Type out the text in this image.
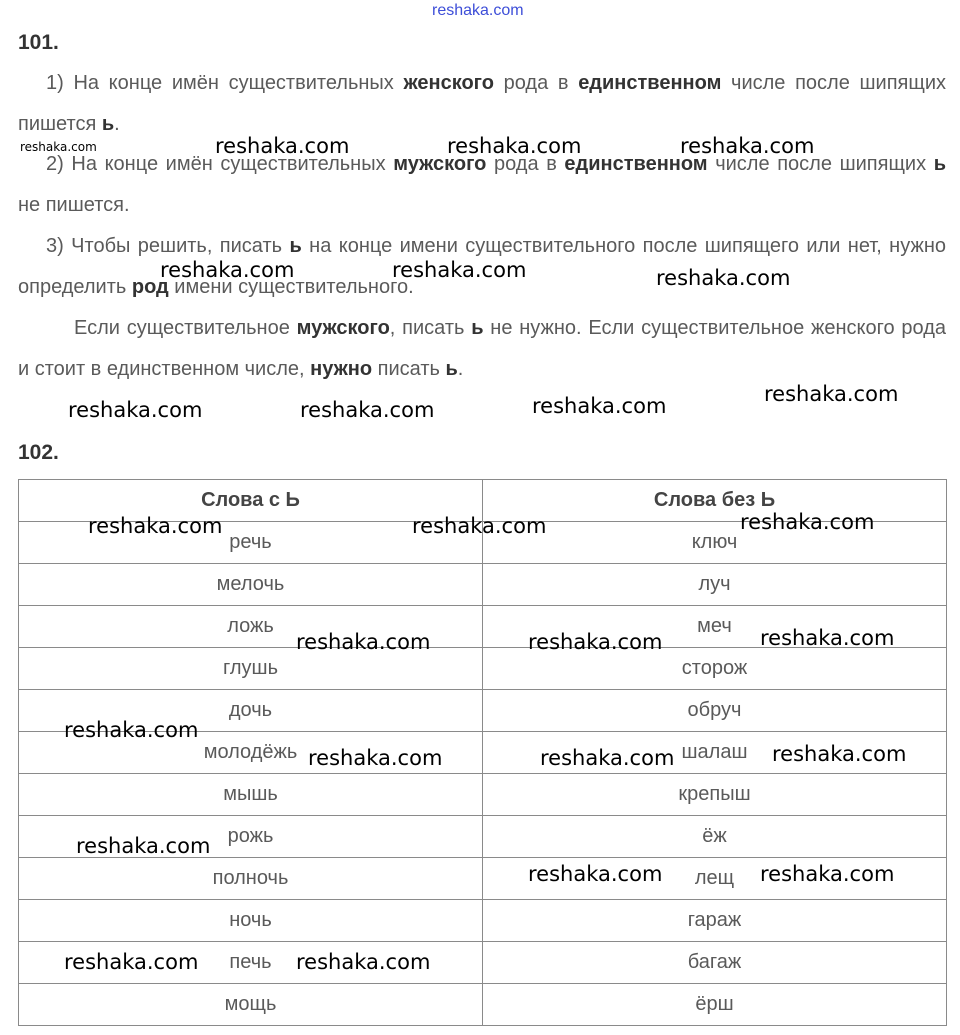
reshaka.com
101.
1) На конце имён существительных женского рода в единственном числе после шипящих пишется ь.
2) На конце имён существительных мужского рода в единственном числе после шипящих ь не пишется.
3) Чтобы решить, писать ь на конце имени существительного после шипящего или нет, нужно определить род имени существительного.
Если существительное мужского, писать ь не нужно. Если существительное женского рода и стоит в единственном числе, нужно писать ь.
102.
Слова с Ь	Слова без Ь
речь	ключ
мелочь	луч
ложь	меч
глушь	сторож
дочь	обруч
молодёжь	шалаш
мышь	крепыш
рожь	ёж
полночь	лещ
ночь	гараж
печь	багаж
мощь	ёрш
reshaka.com	reshaka.com	reshaka.com	reshaka.com
reshaka.com	reshaka.com	reshaka.com
reshaka.com	reshaka.com	reshaka.com	reshaka.com
reshaka.com	reshaka.com	reshaka.com
reshaka.com	reshaka.com	reshaka.com
reshaka.com
reshaka.com	reshaka.com	reshaka.com
reshaka.com
reshaka.com	reshaka.com
reshaka.com	reshaka.com
